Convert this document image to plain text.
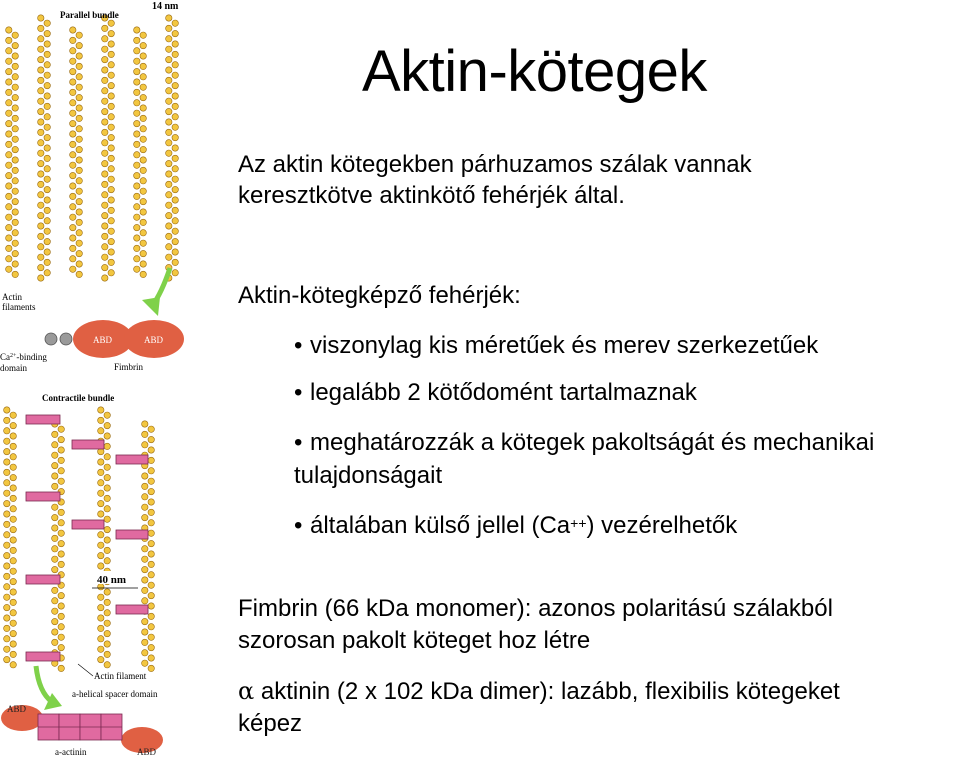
Parallel bundle
14 nm
Actin
filaments
ABD	ABD
$Ca^{2+}$-binding
domain	Fimbrin
Contractile bundle
40 nm
Actin filament
a-helical spacer domain
ABD
ABD
a-actinin
Aktin-kötegek
Az aktin kötegekben párhuzamos szálak vannak
keresztkötve aktinkötő fehérjék által.
Aktin-kötegképző fehérjék:
• viszonylag kis méretűek és merev szerkezetűek
• legalább 2 kötődomént tartalmaznak
• meghatározzák a kötegek pakoltságát és mechanikai
tulajdonságait
• általában külső jellel (Ca++) vezérelhetők
Fimbrin (66 kDa monomer): azonos polaritású szálakból
szorosan pakolt köteget hoz létre
α aktinin (2 x 102 kDa dimer): lazább, flexibilis kötegeket
képez
